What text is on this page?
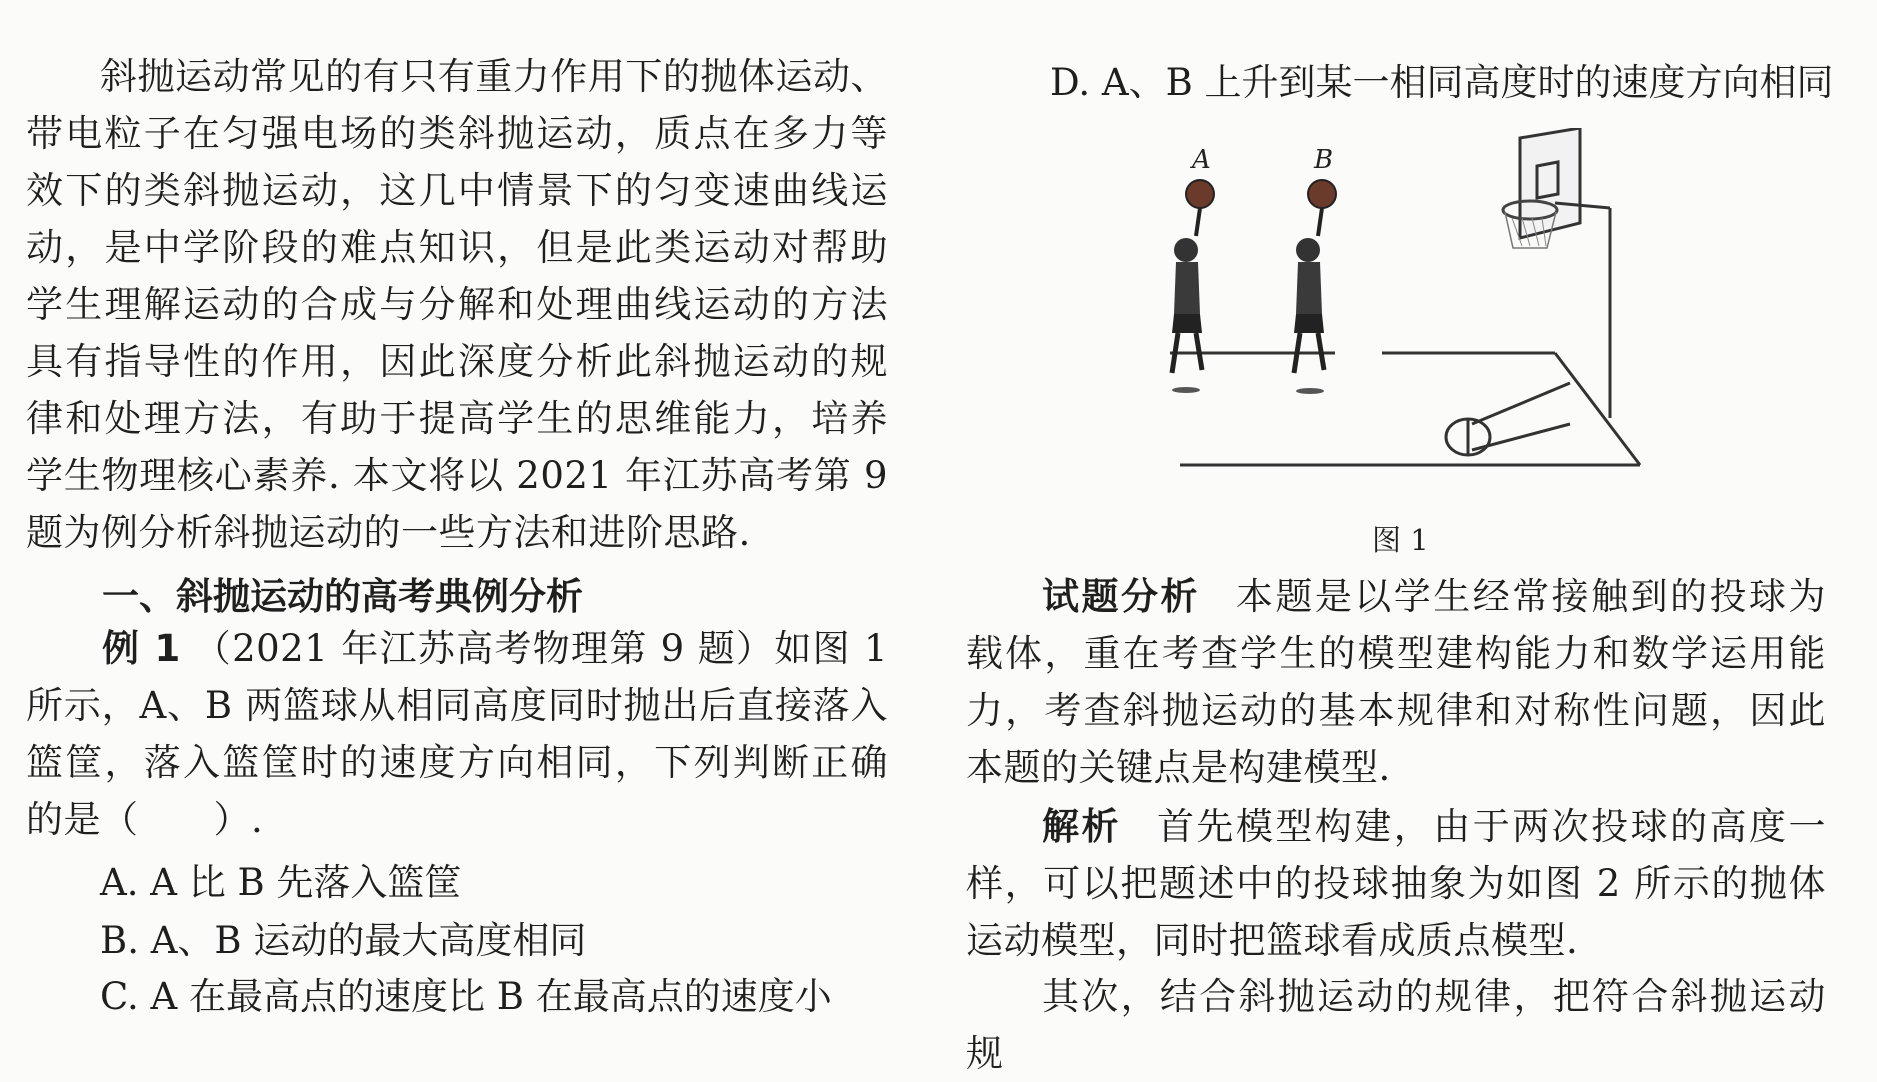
斜抛运动常见的有只有重力作用下的抛体运动、带电粒子在匀强电场的类斜抛运动，质点在多力等效下的类斜抛运动，这几中情景下的匀变速曲线运动，是中学阶段的难点知识，但是此类运动对帮助学生理解运动的合成与分解和处理曲线运动的方法具有指导性的作用，因此深度分析此斜抛运动的规律和处理方法，有助于提高学生的思维能力，培养学生物理核心素养. 本文将以 2021 年江苏高考第 9 题为例分析斜抛运动的一些方法和进阶思路.
一、斜抛运动的高考典例分析
例 1 （2021 年江苏高考物理第 9 题）如图 1 所示，A、B 两篮球从相同高度同时抛出后直接落入篮筐，落入篮筐时的速度方向相同，下列判断正确的是（　　）.
A. A 比 B 先落入篮筐
B. A、B 运动的最大高度相同
C. A 在最高点的速度比 B 在最高点的速度小
D. A、B 上升到某一相同高度时的速度方向相同
A	B
图 1
试题分析 本题是以学生经常接触到的投球为载体，重在考查学生的模型建构能力和数学运用能力，考查斜抛运动的基本规律和对称性问题，因此本题的关键点是构建模型.
解析 首先模型构建，由于两次投球的高度一样，可以把题述中的投球抽象为如图 2 所示的抛体运动模型，同时把篮球看成质点模型.
其次，结合斜抛运动的规律，把符合斜抛运动规
